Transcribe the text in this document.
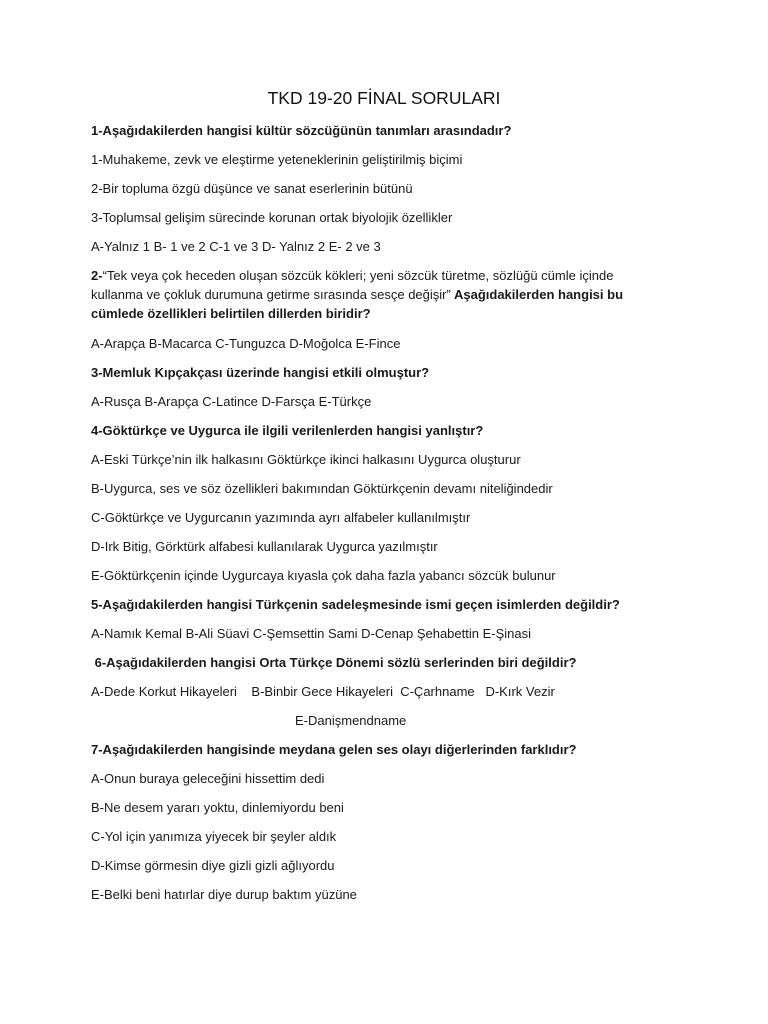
TKD 19-20 FİNAL SORULARI
1-Aşağıdakilerden hangisi kültür sözcüğünün tanımları arasındadır?
1-Muhakeme, zevk ve eleştirme yeteneklerinin geliştirilmiş biçimi
2-Bir topluma özgü düşünce ve sanat eserlerinin bütünü
3-Toplumsal gelişim sürecinde korunan ortak biyolojik özellikler
A-Yalnız 1 B- 1 ve 2 C-1 ve 3 D- Yalnız 2 E- 2 ve 3
2-“Tek veya çok heceden oluşan sözcük kökleri; yeni sözcük türetme, sözlüğü cümle içinde
kullanma ve çokluk durumuna getirme sırasında sesçe değişir” Aşağıdakilerden hangisi bu
cümlede özellikleri belirtilen dillerden biridir?
A-Arapça B-Macarca C-Tunguzca D-Moğolca E-Fince
3-Memluk Kıpçakçası üzerinde hangisi etkili olmuştur?
A-Rusça B-Arapça C-Latince D-Farsça E-Türkçe
4-Göktürkçe ve Uygurca ile ilgili verilenlerden hangisi yanlıştır?
A-Eski Türkçe’nin ilk halkasını Göktürkçe ikinci halkasını Uygurca oluşturur
B-Uygurca, ses ve söz özellikleri bakımından Göktürkçenin devamı niteliğindedir
C-Göktürkçe ve Uygurcanın yazımında ayrı alfabeler kullanılmıştır
D-Irk Bitig, Görktürk alfabesi kullanılarak Uygurca yazılmıştır
E-Göktürkçenin içinde Uygurcaya kıyasla çok daha fazla yabancı sözcük bulunur
5-Aşağıdakilerden hangisi Türkçenin sadeleşmesinde ismi geçen isimlerden değildir?
A-Namık Kemal B-Ali Süavi C-Şemsettin Sami D-Cenap Şehabettin E-Şinasi
6-Aşağıdakilerden hangisi Orta Türkçe Dönemi sözlü serlerinden biri değildir?
A-Dede Korkut Hikayeleri    B-Binbir Gece Hikayeleri  C-Çarhname   D-Kırk Vezir
E-Danişmendname
7-Aşağıdakilerden hangisinde meydana gelen ses olayı diğerlerinden farklıdır?
A-Onun buraya geleceğini hissettim dedi
B-Ne desem yararı yoktu, dinlemiyordu beni
C-Yol için yanımıza yiyecek bir şeyler aldık
D-Kimse görmesin diye gizli gizli ağlıyordu
E-Belki beni hatırlar diye durup baktım yüzüne
